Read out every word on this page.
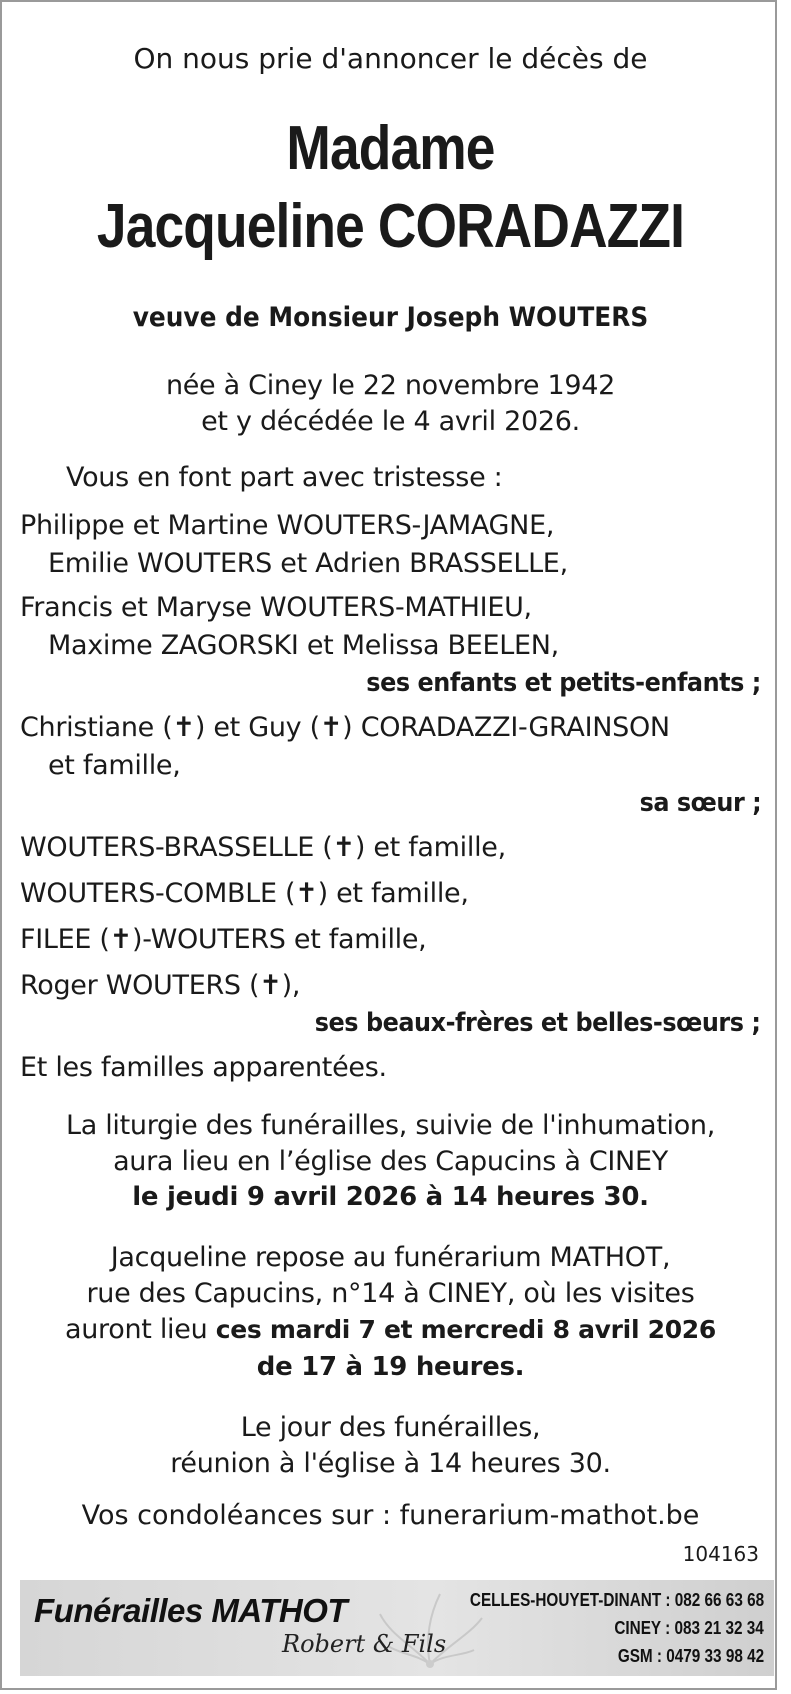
On nous prie d'annoncer le décès de
Madame
Jacqueline CORADAZZI
veuve de Monsieur Joseph WOUTERS
née à Ciney le 22 novembre 1942
et y décédée le 4 avril 2026.
Vous en font part avec tristesse :
Philippe et Martine WOUTERS-JAMAGNE,
Emilie WOUTERS et Adrien BRASSELLE,
Francis et Maryse WOUTERS-MATHIEU,
Maxime ZAGORSKI et Melissa BEELEN,
ses enfants et petits-enfants ;
Christiane (✝) et Guy (✝) CORADAZZI-GRAINSON
et famille,
sa sœur ;
WOUTERS-BRASSELLE (✝) et famille,
WOUTERS-COMBLE (✝) et famille,
FILEE (✝)-WOUTERS et famille,
Roger WOUTERS (✝),
ses beaux-frères et belles-sœurs ;
Et les familles apparentées.
La liturgie des funérailles, suivie de l'inhumation,
aura lieu en l’église des Capucins à CINEY
le jeudi 9 avril 2026 à 14 heures 30.
Jacqueline repose au funérarium MATHOT,
rue des Capucins, n°14 à CINEY, où les visites
auront lieu ces mardi 7 et mercredi 8 avril 2026
de 17 à 19 heures.
Le jour des funérailles,
réunion à l'église à 14 heures 30.
Vos condoléances sur : funerarium-mathot.be
104163
Funérailles MATHOT
Robert & Fils
CELLES-HOUYET-DINANT : 082 66 63 68
CINEY : 083 21 32 34
GSM : 0479 33 98 42
